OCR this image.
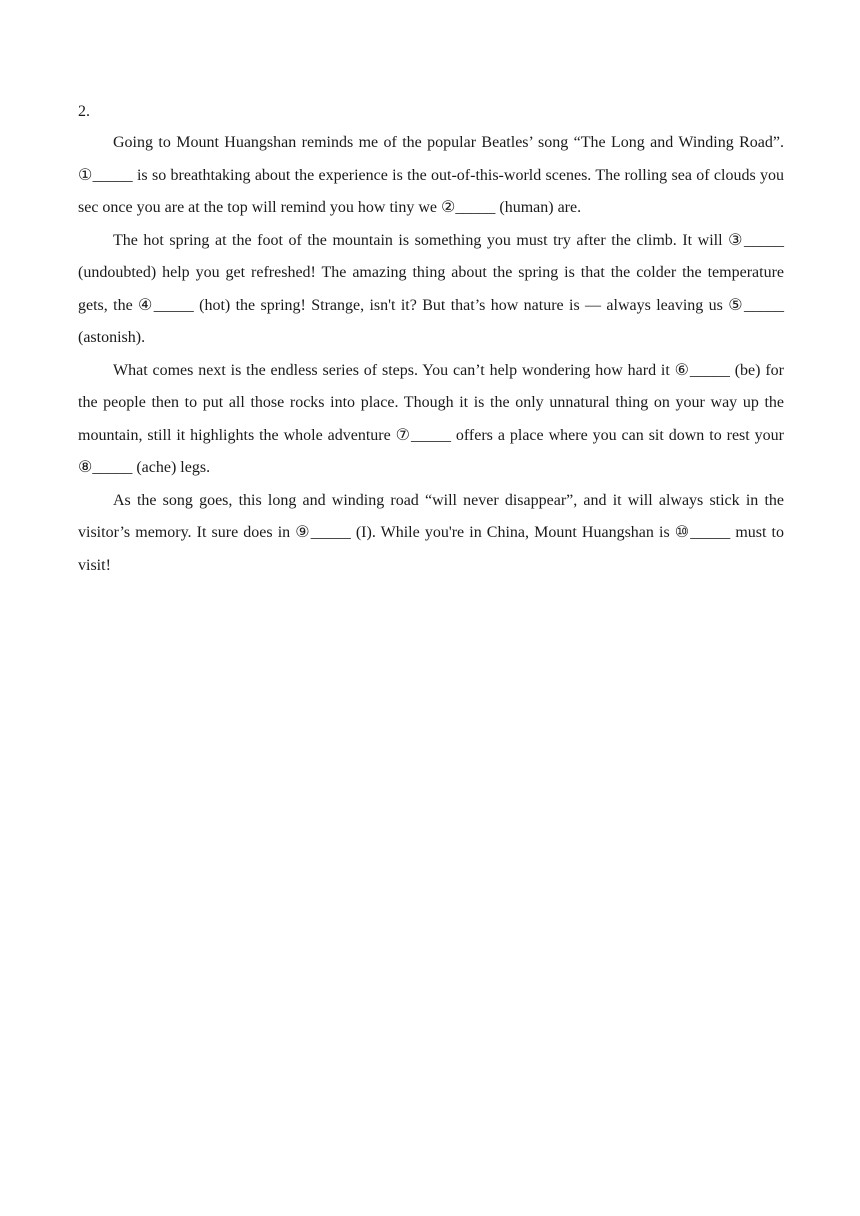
2.

Going to Mount Huangshan reminds me of the popular Beatles’ song “The Long and Winding Road”. ①_____ is so breathtaking about the experience is the out-of-this-world scenes. The rolling sea of clouds you sec once you are at the top will remind you how tiny we ②_____ (human) are.

The hot spring at the foot of the mountain is something you must try after the climb. It will ③_____ (undoubted) help you get refreshed! The amazing thing about the spring is that the colder the temperature gets, the ④_____ (hot) the spring! Strange, isn't it? But that’s how nature is — always leaving us ⑤_____ (astonish).

What comes next is the endless series of steps. You can’t help wondering how hard it ⑥_____ (be) for the people then to put all those rocks into place. Though it is the only unnatural thing on your way up the mountain, still it highlights the whole adventure ⑦_____ offers a place where you can sit down to rest your ⑧_____ (ache) legs.

As the song goes, this long and winding road “will never disappear”, and it will always stick in the visitor’s memory. It sure does in ⑨_____ (I). While you're in China, Mount Huangshan is ⑩_____ must to visit!
